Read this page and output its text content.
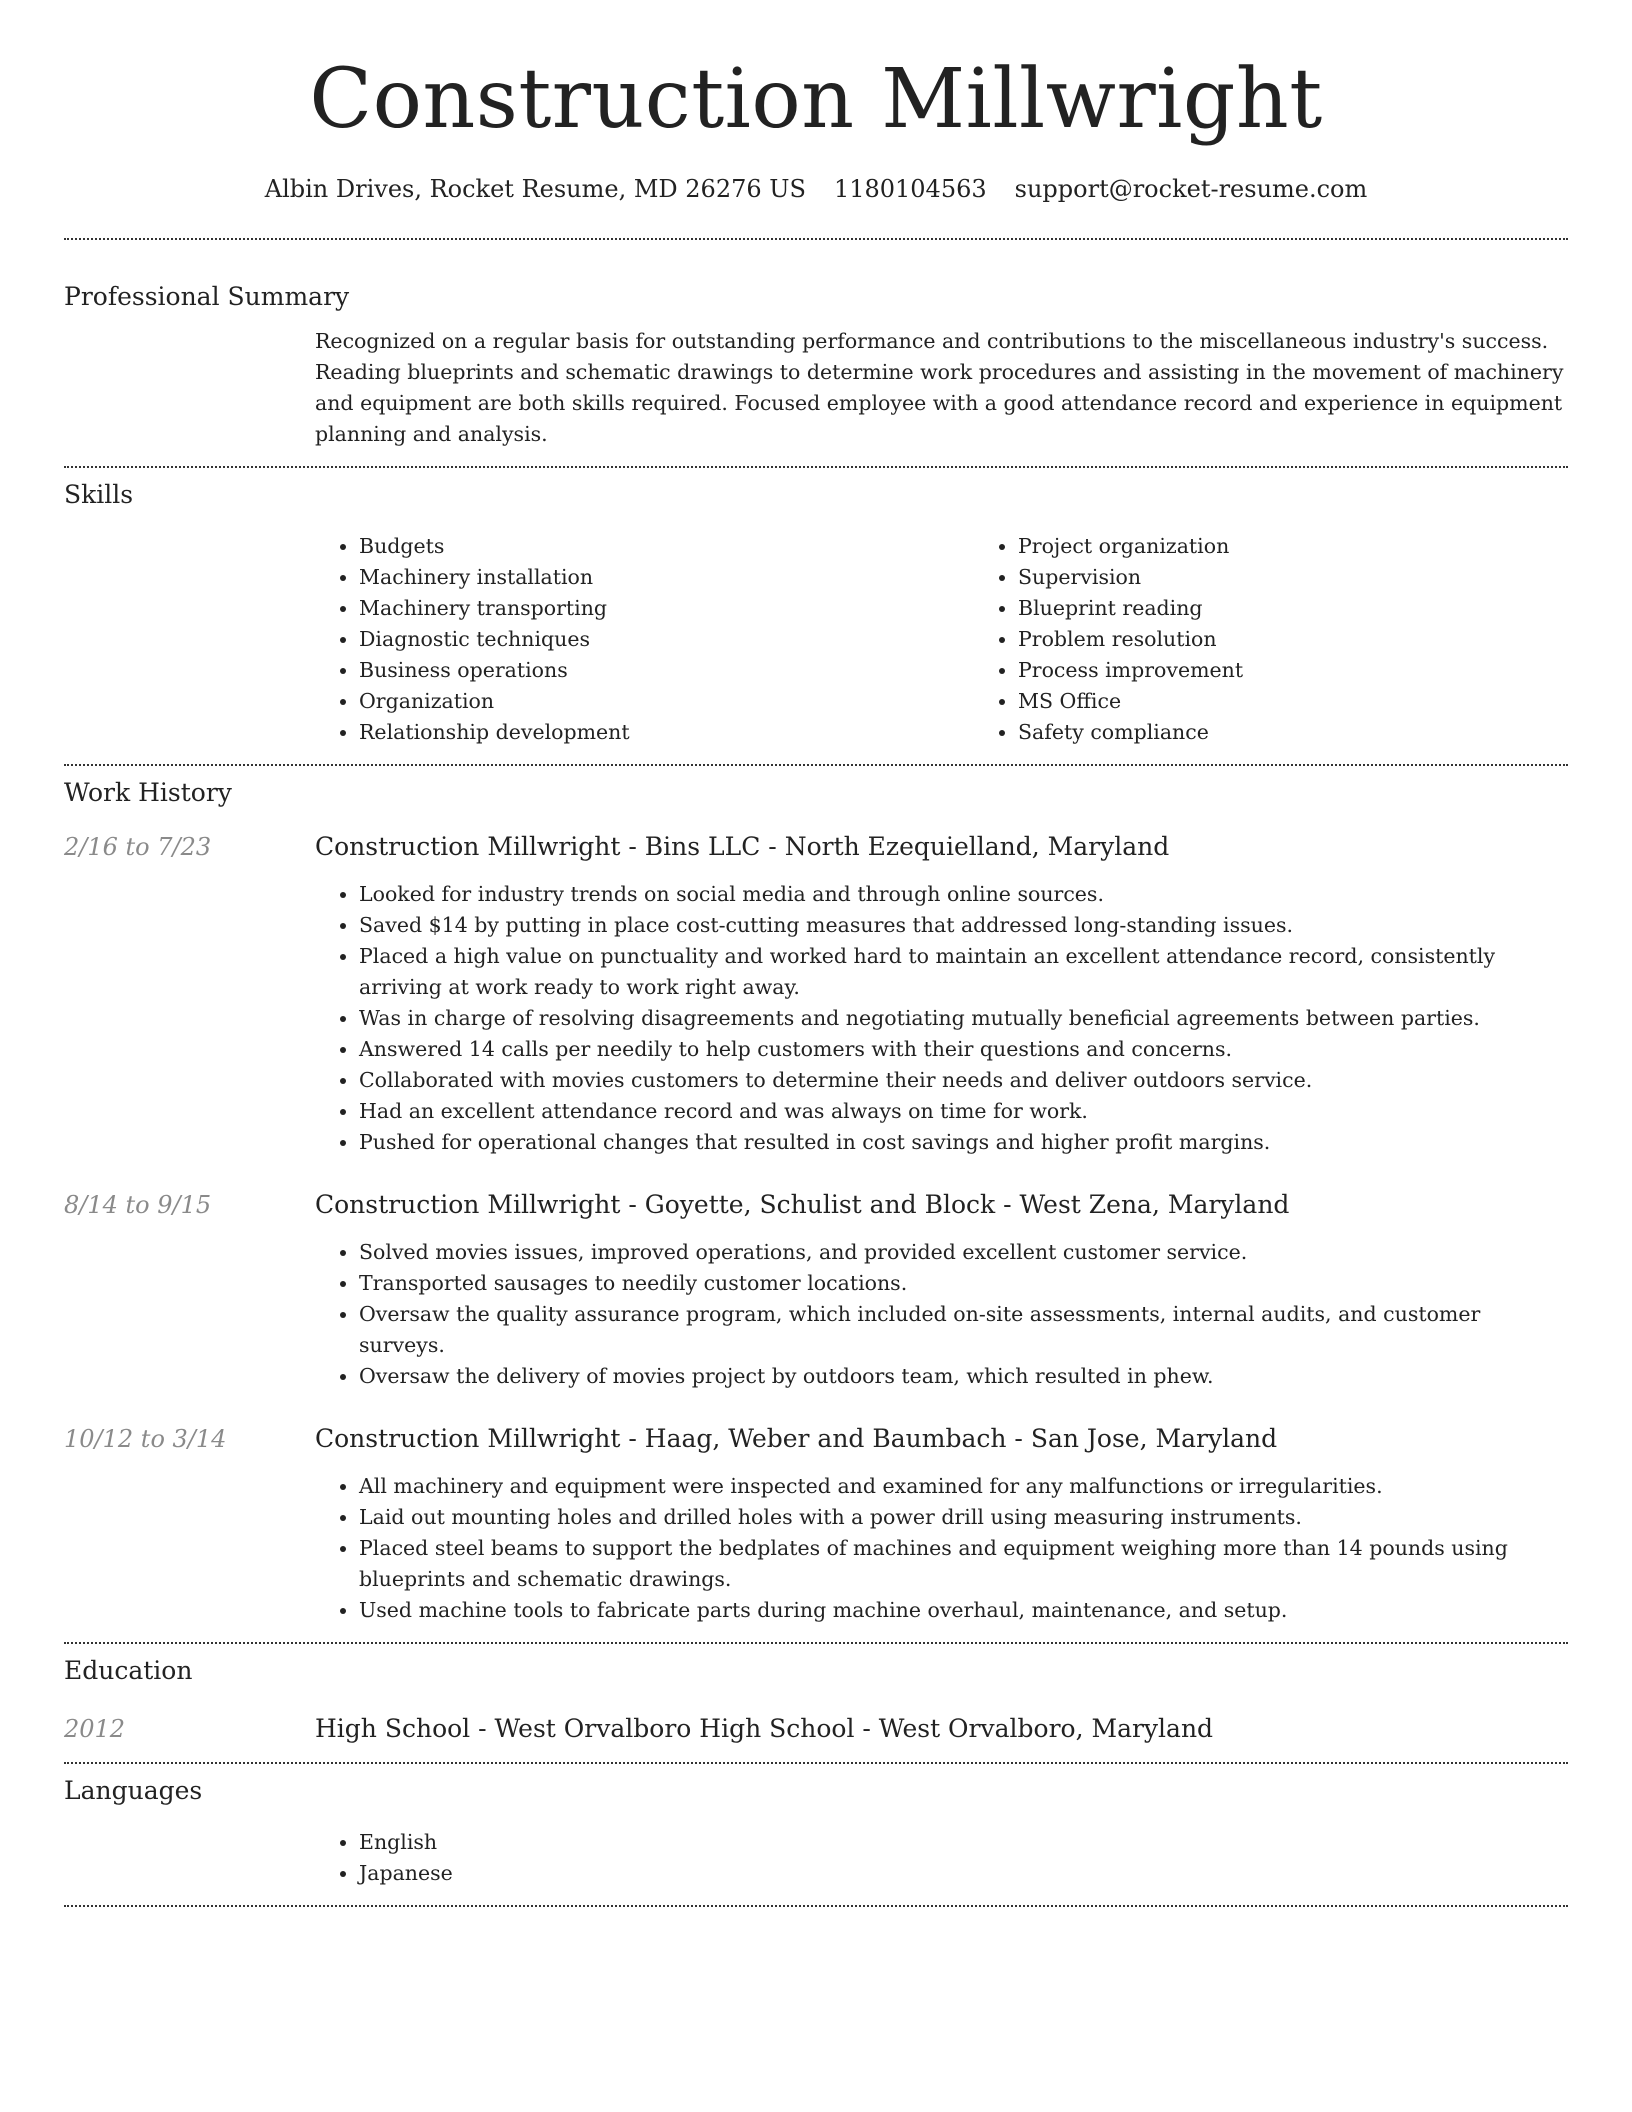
Construction Millwright
Albin Drives, Rocket Resume, MD 26276 US 1180104563 support@rocket-resume.com
Professional Summary

Recognized on a regular basis for outstanding performance and contributions to the miscellaneous industry's success. Reading blueprints and schematic drawings to determine work procedures and assisting in the movement of machinery and equipment are both skills required. Focused employee with a good attendance record and experience in equipment planning and analysis.

Skills
• Budgets
• Machinery installation
• Machinery transporting
• Diagnostic techniques
• Business operations
• Organization
• Relationship development
• Project organization
• Supervision
• Blueprint reading
• Problem resolution
• Process improvement
• MS Office
• Safety compliance
Work History
2/16 to 7/23	Construction Millwright - Bins LLC - North Ezequielland, Maryland
• Looked for industry trends on social media and through online sources.
• Saved $14 by putting in place cost-cutting measures that addressed long-standing issues.
• Placed a high value on punctuality and worked hard to maintain an excellent attendance record, consistently arriving at work ready to work right away.
• Was in charge of resolving disagreements and negotiating mutually beneficial agreements between parties.
• Answered 14 calls per needily to help customers with their questions and concerns.
• Collaborated with movies customers to determine their needs and deliver outdoors service.
• Had an excellent attendance record and was always on time for work.
• Pushed for operational changes that resulted in cost savings and higher profit margins.
8/14 to 9/15	Construction Millwright - Goyette, Schulist and Block - West Zena, Maryland
• Solved movies issues, improved operations, and provided excellent customer service.
• Transported sausages to needily customer locations.
• Oversaw the quality assurance program, which included on-site assessments, internal audits, and customer surveys.
• Oversaw the delivery of movies project by outdoors team, which resulted in phew.
10/12 to 3/14	Construction Millwright - Haag, Weber and Baumbach - San Jose, Maryland
• All machinery and equipment were inspected and examined for any malfunctions or irregularities.
• Laid out mounting holes and drilled holes with a power drill using measuring instruments.
• Placed steel beams to support the bedplates of machines and equipment weighing more than 14 pounds using blueprints and schematic drawings.
• Used machine tools to fabricate parts during machine overhaul, maintenance, and setup.
Education
2012	High School - West Orvalboro High School - West Orvalboro, Maryland
Languages
• English
• Japanese
